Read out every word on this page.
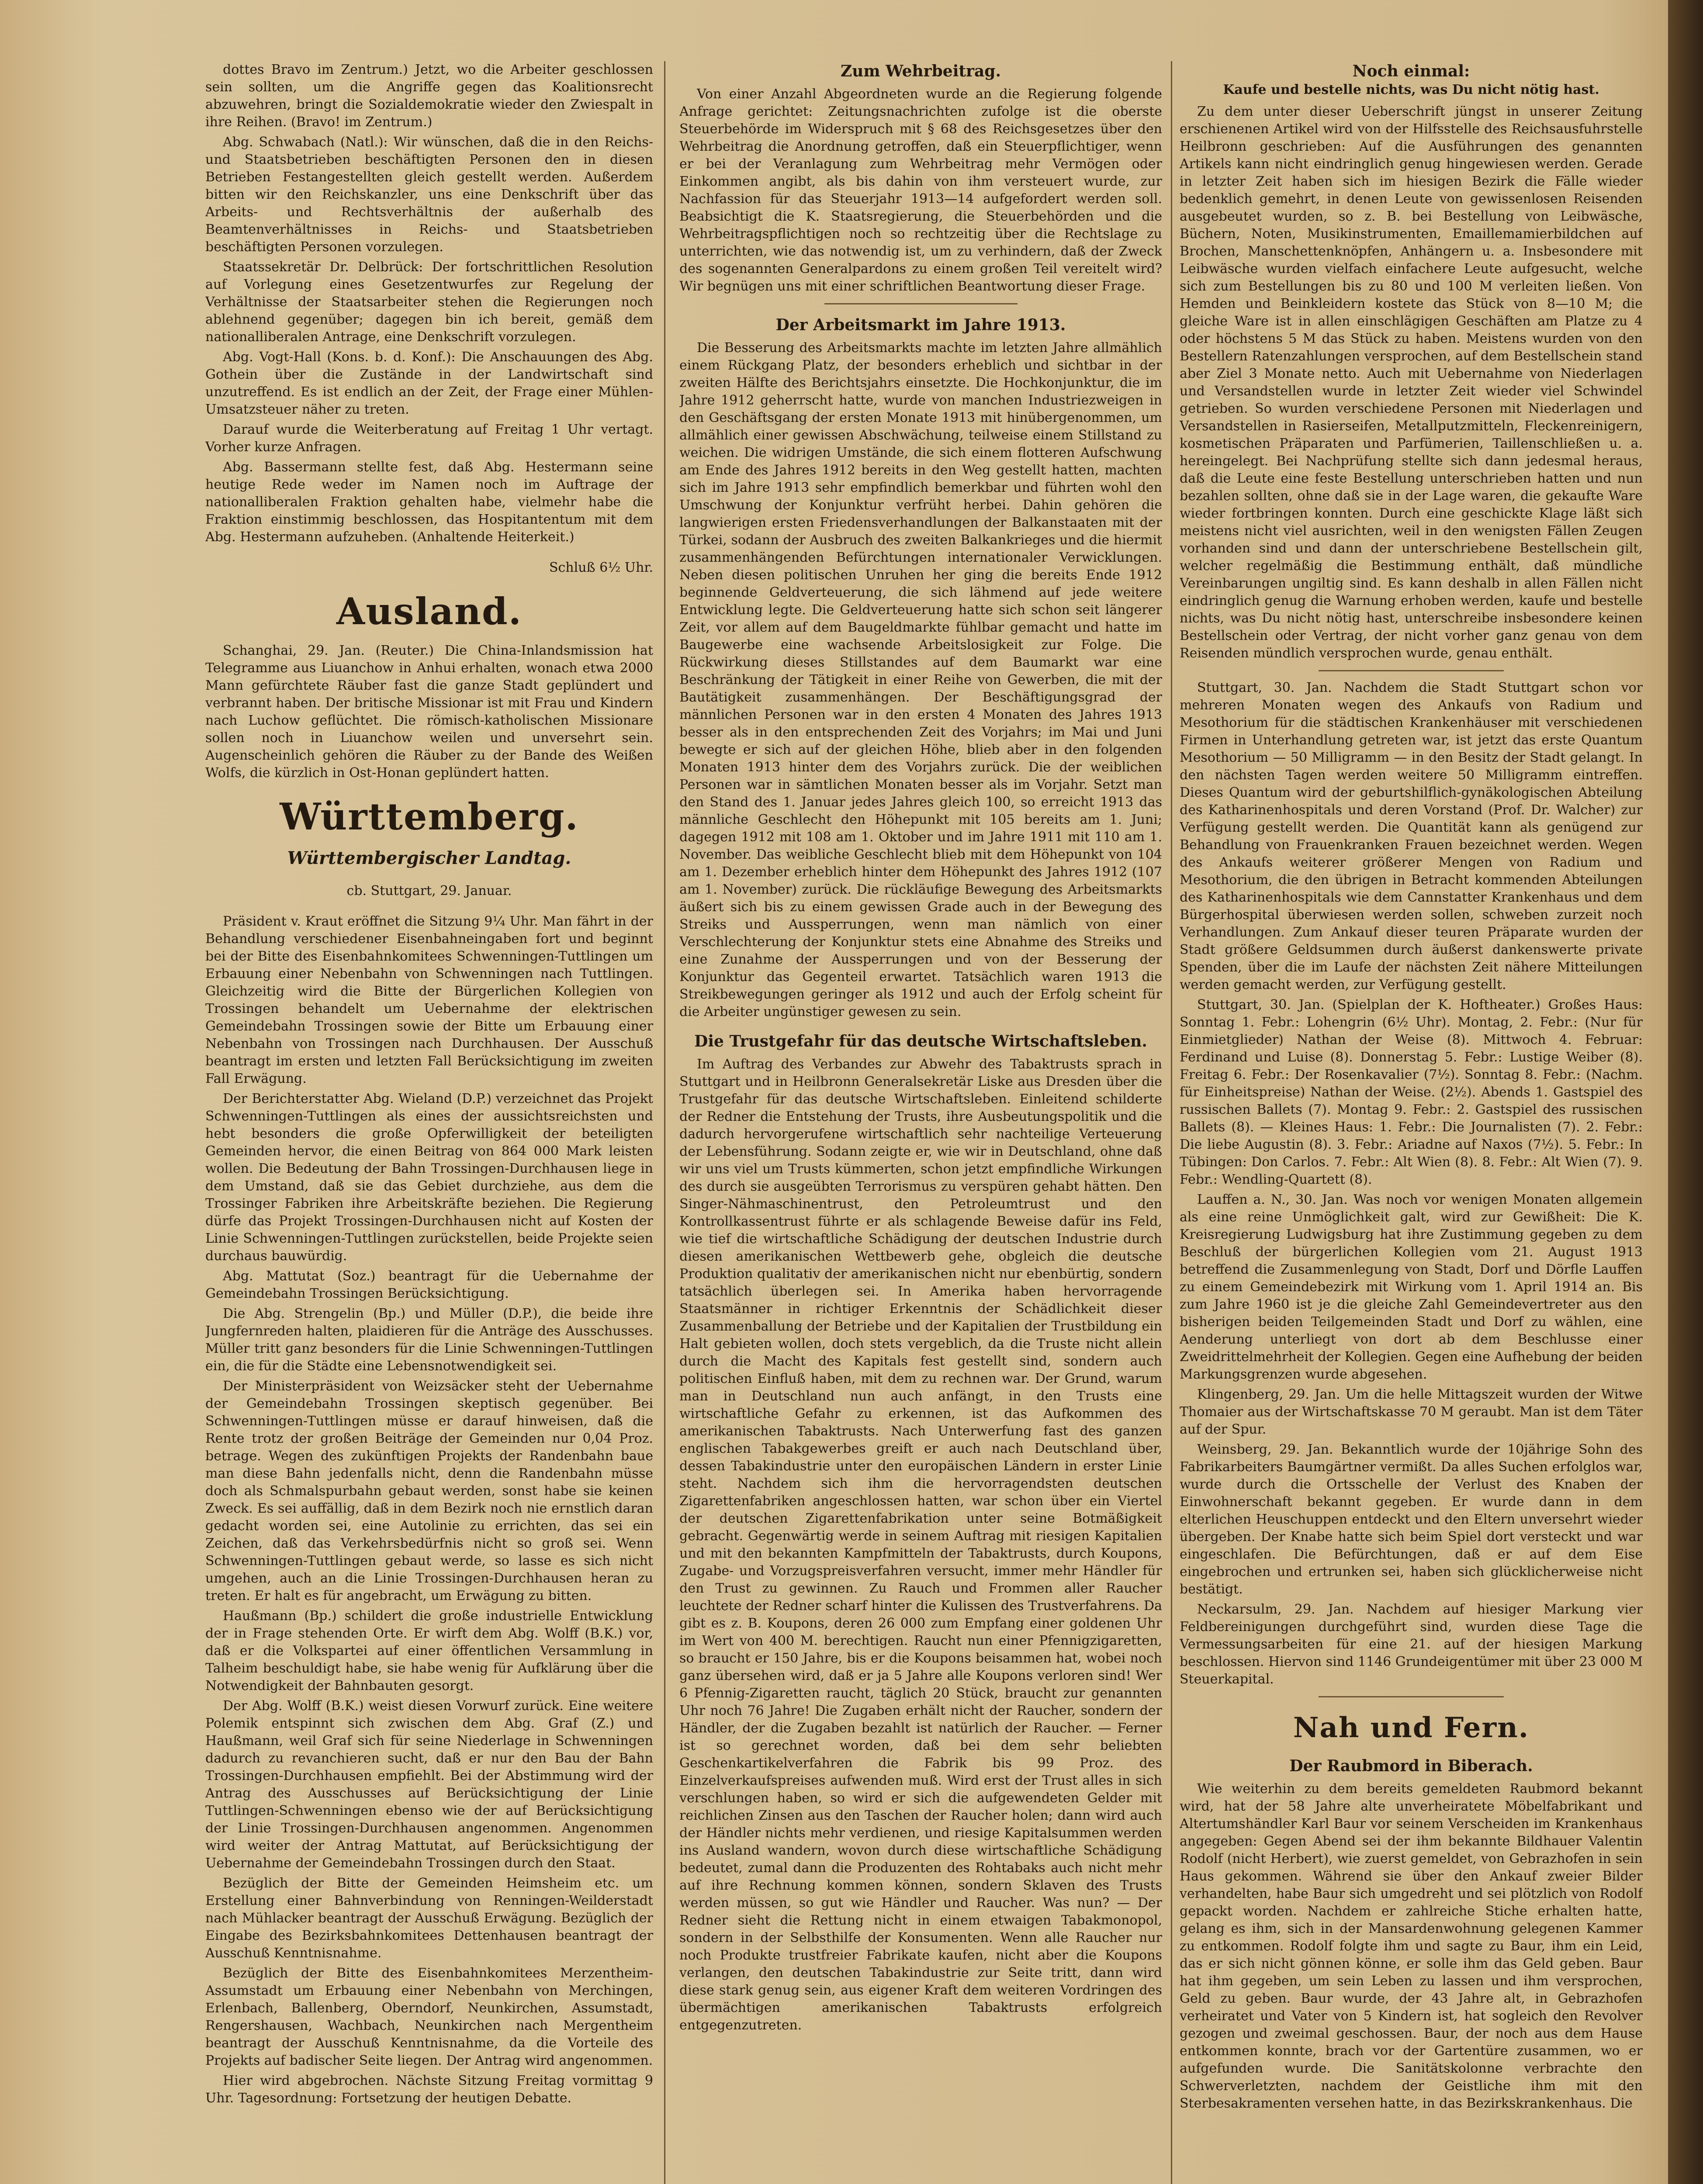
dottes Bravo im Zentrum.) Jetzt, wo die Arbeiter geschlossen sein sollten, um die Angriffe gegen das Koalitionsrecht abzuwehren, bringt die Sozialdemokratie wieder den Zwiespalt in ihre Reihen. (Bravo! im Zentrum.)

Abg. Schwabach (Natl.): Wir wünschen, daß die in den Reichs- und Staatsbetrieben beschäftigten Personen den in diesen Betrieben Festangestellten gleich gestellt werden. Außerdem bitten wir den Reichskanzler, uns eine Denkschrift über das Arbeits- und Rechtsverhältnis der außerhalb des Beamtenverhältnisses in Reichs- und Staatsbetrieben beschäftigten Personen vorzulegen.

Staatssekretär Dr. Delbrück: Der fortschrittlichen Resolution auf Vorlegung eines Gesetzentwurfes zur Regelung der Verhältnisse der Staatsarbeiter stehen die Regierungen noch ablehnend gegenüber; dagegen bin ich bereit, gemäß dem nationalliberalen Antrage, eine Denkschrift vorzulegen.

Abg. Vogt-Hall (Kons. b. d. Konf.): Die Anschauungen des Abg. Gothein über die Zustände in der Landwirtschaft sind unzutreffend. Es ist endlich an der Zeit, der Frage einer Mühlen-Umsatzsteuer näher zu treten.

Darauf wurde die Weiterberatung auf Freitag 1 Uhr vertagt. Vorher kurze Anfragen.

Abg. Bassermann stellte fest, daß Abg. Hestermann seine heutige Rede weder im Namen noch im Auftrage der nationalliberalen Fraktion gehalten habe, vielmehr habe die Fraktion einstimmig beschlossen, das Hospitantentum mit dem Abg. Hestermann aufzuheben. (Anhaltende Heiterkeit.)

Schluß 6½ Uhr.

Ausland.

Schanghai, 29. Jan. (Reuter.) Die China-Inlandsmission hat Telegramme aus Liuanchow in Anhui erhalten, wonach etwa 2000 Mann gefürchtete Räuber fast die ganze Stadt geplündert und verbrannt haben. Der britische Missionar ist mit Frau und Kindern nach Luchow geflüchtet. Die römisch-katholischen Missionare sollen noch in Liuanchow weilen und unversehrt sein. Augenscheinlich gehören die Räuber zu der Bande des Weißen Wolfs, die kürzlich in Ost-Honan geplündert hatten.

Württemberg.
Württembergischer Landtag.

cb. Stuttgart, 29. Januar.

Präsident v. Kraut eröffnet die Sitzung 9¼ Uhr. Man fährt in der Behandlung verschiedener Eisenbahneingaben fort und beginnt bei der Bitte des Eisenbahnkomitees Schwenningen-Tuttlingen um Erbauung einer Nebenbahn von Schwenningen nach Tuttlingen. Gleichzeitig wird die Bitte der Bürgerlichen Kollegien von Trossingen behandelt um Uebernahme der elektrischen Gemeindebahn Trossingen sowie der Bitte um Erbauung einer Nebenbahn von Trossingen nach Durchhausen. Der Ausschuß beantragt im ersten und letzten Fall Berücksichtigung im zweiten Fall Erwägung.

Der Berichterstatter Abg. Wieland (D.P.) verzeichnet das Projekt Schwenningen-Tuttlingen als eines der aussichtsreichsten und hebt besonders die große Opferwilligkeit der beteiligten Gemeinden hervor, die einen Beitrag von 864 000 Mark leisten wollen. Die Bedeutung der Bahn Trossingen-Durchhausen liege in dem Umstand, daß sie das Gebiet durchziehe, aus dem die Trossinger Fabriken ihre Arbeitskräfte beziehen. Die Regierung dürfe das Projekt Trossingen-Durchhausen nicht auf Kosten der Linie Schwenningen-Tuttlingen zurückstellen, beide Projekte seien durchaus bauwürdig.

Abg. Mattutat (Soz.) beantragt für die Uebernahme der Gemeindebahn Trossingen Berücksichtigung.

Die Abg. Strengelin (Bp.) und Müller (D.P.), die beide ihre Jungfernreden halten, plaidieren für die Anträge des Ausschusses. Müller tritt ganz besonders für die Linie Schwenningen-Tuttlingen ein, die für die Städte eine Lebensnotwendigkeit sei.

Der Ministerpräsident von Weizsäcker steht der Uebernahme der Gemeindebahn Trossingen skeptisch gegenüber. Bei Schwenningen-Tuttlingen müsse er darauf hinweisen, daß die Rente trotz der großen Beiträge der Gemeinden nur 0,04 Proz. betrage. Wegen des zukünftigen Projekts der Randenbahn baue man diese Bahn jedenfalls nicht, denn die Randenbahn müsse doch als Schmalspurbahn gebaut werden, sonst habe sie keinen Zweck. Es sei auffällig, daß in dem Bezirk noch nie ernstlich daran gedacht worden sei, eine Autolinie zu errichten, das sei ein Zeichen, daß das Verkehrsbedürfnis nicht so groß sei. Wenn Schwenningen-Tuttlingen gebaut werde, so lasse es sich nicht umgehen, auch an die Linie Trossingen-Durchhausen heran zu treten. Er halt es für angebracht, um Erwägung zu bitten.

Haußmann (Bp.) schildert die große industrielle Entwicklung der in Frage stehenden Orte. Er wirft dem Abg. Wolff (B.K.) vor, daß er die Volkspartei auf einer öffentlichen Versammlung in Talheim beschuldigt habe, sie habe wenig für Aufklärung über die Notwendigkeit der Bahnbauten gesorgt.

Der Abg. Wolff (B.K.) weist diesen Vorwurf zurück. Eine weitere Polemik entspinnt sich zwischen dem Abg. Graf (Z.) und Haußmann, weil Graf sich für seine Niederlage in Schwenningen dadurch zu revanchieren sucht, daß er nur den Bau der Bahn Trossingen-Durchhausen empfiehlt. Bei der Abstimmung wird der Antrag des Ausschusses auf Berücksichtigung der Linie Tuttlingen-Schwenningen ebenso wie der auf Berücksichtigung der Linie Trossingen-Durchhausen angenommen. Angenommen wird weiter der Antrag Mattutat, auf Berücksichtigung der Uebernahme der Gemeindebahn Trossingen durch den Staat.

Bezüglich der Bitte der Gemeinden Heimsheim etc. um Erstellung einer Bahnverbindung von Renningen-Weilderstadt nach Mühlacker beantragt der Ausschuß Erwägung. Bezüglich der Eingabe des Bezirksbahnkomitees Dettenhausen beantragt der Ausschuß Kenntnisnahme.

Bezüglich der Bitte des Eisenbahnkomitees Merzentheim-Assumstadt um Erbauung einer Nebenbahn von Merchingen, Erlenbach, Ballenberg, Oberndorf, Neunkirchen, Assumstadt, Rengershausen, Wachbach, Neunkirchen nach Mergentheim beantragt der Ausschuß Kenntnisnahme, da die Vorteile des Projekts auf badischer Seite liegen. Der Antrag wird angenommen.

Hier wird abgebrochen. Nächste Sitzung Freitag vormittag 9 Uhr. Tagesordnung: Fortsetzung der heutigen Debatte.

Zum Wehrbeitrag.

Von einer Anzahl Abgeordneten wurde an die Regierung folgende Anfrage gerichtet: Zeitungsnachrichten zufolge ist die oberste Steuerbehörde im Widerspruch mit § 68 des Reichsgesetzes über den Wehrbeitrag die Anordnung getroffen, daß ein Steuerpflichtiger, wenn er bei der Veranlagung zum Wehrbeitrag mehr Vermögen oder Einkommen angibt, als bis dahin von ihm versteuert wurde, zur Nachfassion für das Steuerjahr 1913—14 aufgefordert werden soll. Beabsichtigt die K. Staatsregierung, die Steuerbehörden und die Wehrbeitragspflichtigen noch so rechtzeitig über die Rechtslage zu unterrichten, wie das notwendig ist, um zu verhindern, daß der Zweck des sogenannten Generalpardons zu einem großen Teil vereitelt wird? Wir begnügen uns mit einer schriftlichen Beantwortung dieser Frage.

Der Arbeitsmarkt im Jahre 1913.

Die Besserung des Arbeitsmarkts machte im letzten Jahre allmählich einem Rückgang Platz, der besonders erheblich und sichtbar in der zweiten Hälfte des Berichtsjahrs einsetzte. Die Hochkonjunktur, die im Jahre 1912 geherrscht hatte, wurde von manchen Industriezweigen in den Geschäftsgang der ersten Monate 1913 mit hinübergenommen, um allmählich einer gewissen Abschwächung, teilweise einem Stillstand zu weichen. Die widrigen Umstände, die sich einem flotteren Aufschwung am Ende des Jahres 1912 bereits in den Weg gestellt hatten, machten sich im Jahre 1913 sehr empfindlich bemerkbar und führten wohl den Umschwung der Konjunktur verfrüht herbei. Dahin gehören die langwierigen ersten Friedensverhandlungen der Balkanstaaten mit der Türkei, sodann der Ausbruch des zweiten Balkankrieges und die hiermit zusammenhängenden Befürchtungen internationaler Verwicklungen. Neben diesen politischen Unruhen her ging die bereits Ende 1912 beginnende Geldverteuerung, die sich lähmend auf jede weitere Entwicklung legte. Die Geldverteuerung hatte sich schon seit längerer Zeit, vor allem auf dem Baugeldmarkte fühlbar gemacht und hatte im Baugewerbe eine wachsende Arbeitslosigkeit zur Folge. Die Rückwirkung dieses Stillstandes auf dem Baumarkt war eine Beschränkung der Tätigkeit in einer Reihe von Gewerben, die mit der Bautätigkeit zusammenhängen. Der Beschäftigungsgrad der männlichen Personen war in den ersten 4 Monaten des Jahres 1913 besser als in den entsprechenden Zeit des Vorjahrs; im Mai und Juni bewegte er sich auf der gleichen Höhe, blieb aber in den folgenden Monaten 1913 hinter dem des Vorjahrs zurück. Die der weiblichen Personen war in sämtlichen Monaten besser als im Vorjahr. Setzt man den Stand des 1. Januar jedes Jahres gleich 100, so erreicht 1913 das männliche Geschlecht den Höhepunkt mit 105 bereits am 1. Juni; dagegen 1912 mit 108 am 1. Oktober und im Jahre 1911 mit 110 am 1. November. Das weibliche Geschlecht blieb mit dem Höhepunkt von 104 am 1. Dezember erheblich hinter dem Höhepunkt des Jahres 1912 (107 am 1. November) zurück. Die rückläufige Bewegung des Arbeitsmarkts äußert sich bis zu einem gewissen Grade auch in der Bewegung des Streiks und Aussperrungen, wenn man nämlich von einer Verschlechterung der Konjunktur stets eine Abnahme des Streiks und eine Zunahme der Aussperrungen und von der Besserung der Konjunktur das Gegenteil erwartet. Tatsächlich waren 1913 die Streikbewegungen geringer als 1912 und auch der Erfolg scheint für die Arbeiter ungünstiger gewesen zu sein.

Die Trustgefahr für das deutsche Wirtschaftsleben.

Im Auftrag des Verbandes zur Abwehr des Tabaktrusts sprach in Stuttgart und in Heilbronn Generalsekretär Liske aus Dresden über die Trustgefahr für das deutsche Wirtschaftsleben. Einleitend schilderte der Redner die Entstehung der Trusts, ihre Ausbeutungspolitik und die dadurch hervorgerufene wirtschaftlich sehr nachteilige Verteuerung der Lebensführung. Sodann zeigte er, wie wir in Deutschland, ohne daß wir uns viel um Trusts kümmerten, schon jetzt empfindliche Wirkungen des durch sie ausgeübten Terrorismus zu verspüren gehabt hätten. Den Singer-Nähmaschinentrust, den Petroleumtrust und den Kontrollkassentrust führte er als schlagende Beweise dafür ins Feld, wie tief die wirtschaftliche Schädigung der deutschen Industrie durch diesen amerikanischen Wettbewerb gehe, obgleich die deutsche Produktion qualitativ der amerikanischen nicht nur ebenbürtig, sondern tatsächlich überlegen sei. In Amerika haben hervorragende Staatsmänner in richtiger Erkenntnis der Schädlichkeit dieser Zusammenballung der Betriebe und der Kapitalien der Trustbildung ein Halt gebieten wollen, doch stets vergeblich, da die Truste nicht allein durch die Macht des Kapitals fest gestellt sind, sondern auch politischen Einfluß haben, mit dem zu rechnen war. Der Grund, warum man in Deutschland nun auch anfängt, in den Trusts eine wirtschaftliche Gefahr zu erkennen, ist das Aufkommen des amerikanischen Tabaktrusts. Nach Unterwerfung fast des ganzen englischen Tabakgewerbes greift er auch nach Deutschland über, dessen Tabakindustrie unter den europäischen Ländern in erster Linie steht. Nachdem sich ihm die hervorragendsten deutschen Zigarettenfabriken angeschlossen hatten, war schon über ein Viertel der deutschen Zigarettenfabrikation unter seine Botmäßigkeit gebracht. Gegenwärtig werde in seinem Auftrag mit riesigen Kapitalien und mit den bekannten Kampfmitteln der Tabaktrusts, durch Koupons, Zugabe- und Vorzugspreisverfahren versucht, immer mehr Händler für den Trust zu gewinnen. Zu Rauch und Frommen aller Raucher leuchtete der Redner scharf hinter die Kulissen des Trustverfahrens. Da gibt es z. B. Koupons, deren 26 000 zum Empfang einer goldenen Uhr im Wert von 400 M. berechtigen. Raucht nun einer Pfennigzigaretten, so braucht er 150 Jahre, bis er die Koupons beisammen hat, wobei noch ganz übersehen wird, daß er ja 5 Jahre alle Koupons verloren sind! Wer 6 Pfennig-Zigaretten raucht, täglich 20 Stück, braucht zur genannten Uhr noch 76 Jahre! Die Zugaben erhält nicht der Raucher, sondern der Händler, der die Zugaben bezahlt ist natürlich der Raucher. — Ferner ist so gerechnet worden, daß bei dem sehr beliebten Geschenkartikelverfahren die Fabrik bis 99 Proz. des Einzelverkaufspreises aufwenden muß. Wird erst der Trust alles in sich verschlungen haben, so wird er sich die aufgewendeten Gelder mit reichlichen Zinsen aus den Taschen der Raucher holen; dann wird auch der Händler nichts mehr verdienen, und riesige Kapitalsummen werden ins Ausland wandern, wovon durch diese wirtschaftliche Schädigung bedeutet, zumal dann die Produzenten des Rohtabaks auch nicht mehr auf ihre Rechnung kommen können, sondern Sklaven des Trusts werden müssen, so gut wie Händler und Raucher. Was nun? — Der Redner sieht die Rettung nicht in einem etwaigen Tabakmonopol, sondern in der Selbsthilfe der Konsumenten. Wenn alle Raucher nur noch Produkte trustfreier Fabrikate kaufen, nicht aber die Koupons verlangen, den deutschen Tabakindustrie zur Seite tritt, dann wird diese stark genug sein, aus eigener Kraft dem weiteren Vordringen des übermächtigen amerikanischen Tabaktrusts erfolgreich entgegenzutreten.

Noch einmal:
Kaufe und bestelle nichts, was Du nicht nötig hast.

Zu dem unter dieser Ueberschrift jüngst in unserer Zeitung erschienenen Artikel wird von der Hilfsstelle des Reichsausfuhrstelle Heilbronn geschrieben: Auf die Ausführungen des genannten Artikels kann nicht eindringlich genug hingewiesen werden. Gerade in letzter Zeit haben sich im hiesigen Bezirk die Fälle wieder bedenklich gemehrt, in denen Leute von gewissenlosen Reisenden ausgebeutet wurden, so z. B. bei Bestellung von Leibwäsche, Büchern, Noten, Musikinstrumenten, Emaillemamierbildchen auf Brochen, Manschettenknöpfen, Anhängern u. a. Insbesondere mit Leibwäsche wurden vielfach einfachere Leute aufgesucht, welche sich zum Bestellungen bis zu 80 und 100 M verleiten ließen. Von Hemden und Beinkleidern kostete das Stück von 8—10 M; die gleiche Ware ist in allen einschlägigen Geschäften am Platze zu 4 oder höchstens 5 M das Stück zu haben. Meistens wurden von den Bestellern Ratenzahlungen versprochen, auf dem Bestellschein stand aber Ziel 3 Monate netto. Auch mit Uebernahme von Niederlagen und Versandstellen wurde in letzter Zeit wieder viel Schwindel getrieben. So wurden verschiedene Personen mit Niederlagen und Versandstellen in Rasierseifen, Metallputzmitteln, Fleckenreinigern, kosmetischen Präparaten und Parfümerien, Taillenschließen u. a. hereingelegt. Bei Nachprüfung stellte sich dann jedesmal heraus, daß die Leute eine feste Bestellung unterschrieben hatten und nun bezahlen sollten, ohne daß sie in der Lage waren, die gekaufte Ware wieder fortbringen konnten. Durch eine geschickte Klage läßt sich meistens nicht viel ausrichten, weil in den wenigsten Fällen Zeugen vorhanden sind und dann der unterschriebene Bestellschein gilt, welcher regelmäßig die Bestimmung enthält, daß mündliche Vereinbarungen ungiltig sind. Es kann deshalb in allen Fällen nicht eindringlich genug die Warnung erhoben werden, kaufe und bestelle nichts, was Du nicht nötig hast, unterschreibe insbesondere keinen Bestellschein oder Vertrag, der nicht vorher ganz genau von dem Reisenden mündlich versprochen wurde, genau enthält.

Stuttgart, 30. Jan. Nachdem die Stadt Stuttgart schon vor mehreren Monaten wegen des Ankaufs von Radium und Mesothorium für die städtischen Krankenhäuser mit verschiedenen Firmen in Unterhandlung getreten war, ist jetzt das erste Quantum Mesothorium — 50 Milligramm — in den Besitz der Stadt gelangt. In den nächsten Tagen werden weitere 50 Milligramm eintreffen. Dieses Quantum wird der geburtshilflich-gynäkologischen Abteilung des Katharinenhospitals und deren Vorstand (Prof. Dr. Walcher) zur Verfügung gestellt werden. Die Quantität kann als genügend zur Behandlung von Frauenkranken Frauen bezeichnet werden. Wegen des Ankaufs weiterer größerer Mengen von Radium und Mesothorium, die den übrigen in Betracht kommenden Abteilungen des Katharinenhospitals wie dem Cannstatter Krankenhaus und dem Bürgerhospital überwiesen werden sollen, schweben zurzeit noch Verhandlungen. Zum Ankauf dieser teuren Präparate wurden der Stadt größere Geldsummen durch äußerst dankenswerte private Spenden, über die im Laufe der nächsten Zeit nähere Mitteilungen werden gemacht werden, zur Verfügung gestellt.

Stuttgart, 30. Jan. (Spielplan der K. Hoftheater.) Großes Haus: Sonntag 1. Febr.: Lohengrin (6½ Uhr). Montag, 2. Febr.: (Nur für Einmietglieder) Nathan der Weise (8). Mittwoch 4. Februar: Ferdinand und Luise (8). Donnerstag 5. Febr.: Lustige Weiber (8). Freitag 6. Febr.: Der Rosenkavalier (7½). Sonntag 8. Febr.: (Nachm. für Einheitspreise) Nathan der Weise. (2½). Abends 1. Gastspiel des russischen Ballets (7). Montag 9. Febr.: 2. Gastspiel des russischen Ballets (8). — Kleines Haus: 1. Febr.: Die Journalisten (7). 2. Febr.: Die liebe Augustin (8). 3. Febr.: Ariadne auf Naxos (7½). 5. Febr.: In Tübingen: Don Carlos. 7. Febr.: Alt Wien (8). 8. Febr.: Alt Wien (7). 9. Febr.: Wendling-Quartett (8).

Lauffen a. N., 30. Jan. Was noch vor wenigen Monaten allgemein als eine reine Unmöglichkeit galt, wird zur Gewißheit: Die K. Kreisregierung Ludwigsburg hat ihre Zustimmung gegeben zu dem Beschluß der bürgerlichen Kollegien vom 21. August 1913 betreffend die Zusammenlegung von Stadt, Dorf und Dörfle Lauffen zu einem Gemeindebezirk mit Wirkung vom 1. April 1914 an. Bis zum Jahre 1960 ist je die gleiche Zahl Gemeindevertreter aus den bisherigen beiden Teilgemeinden Stadt und Dorf zu wählen, eine Aenderung unterliegt von dort ab dem Beschlusse einer Zweidrittelmehrheit der Kollegien. Gegen eine Aufhebung der beiden Markungsgrenzen wurde abgesehen.

Klingenberg, 29. Jan. Um die helle Mittagszeit wurden der Witwe Thomaier aus der Wirtschaftskasse 70 M geraubt. Man ist dem Täter auf der Spur.

Weinsberg, 29. Jan. Bekanntlich wurde der 10jährige Sohn des Fabrikarbeiters Baumgärtner vermißt. Da alles Suchen erfolglos war, wurde durch die Ortsschelle der Verlust des Knaben der Einwohnerschaft bekannt gegeben. Er wurde dann in dem elterlichen Heuschuppen entdeckt und den Eltern unversehrt wieder übergeben. Der Knabe hatte sich beim Spiel dort versteckt und war eingeschlafen. Die Befürchtungen, daß er auf dem Eise eingebrochen und ertrunken sei, haben sich glücklicherweise nicht bestätigt.

Neckarsulm, 29. Jan. Nachdem auf hiesiger Markung vier Feldbereinigungen durchgeführt sind, wurden diese Tage die Vermessungsarbeiten für eine 21. auf der hiesigen Markung beschlossen. Hiervon sind 1146 Grundeigentümer mit über 23 000 M Steuerkapital.

Nah und Fern.
Der Raubmord in Biberach.

Wie weiterhin zu dem bereits gemeldeten Raubmord bekannt wird, hat der 58 Jahre alte unverheiratete Möbelfabrikant und Altertumshändler Karl Baur vor seinem Verscheiden im Krankenhaus angegeben: Gegen Abend sei der ihm bekannte Bildhauer Valentin Rodolf (nicht Herbert), wie zuerst gemeldet, von Gebrazhofen in sein Haus gekommen. Während sie über den Ankauf zweier Bilder verhandelten, habe Baur sich umgedreht und sei plötzlich von Rodolf gepackt worden. Nachdem er zahlreiche Stiche erhalten hatte, gelang es ihm, sich in der Mansardenwohnung gelegenen Kammer zu entkommen. Rodolf folgte ihm und sagte zu Baur, ihm ein Leid, das er sich nicht gönnen könne, er solle ihm das Geld geben. Baur hat ihm gegeben, um sein Leben zu lassen und ihm versprochen, Geld zu geben. Baur wurde, der 43 Jahre alt, in Gebrazhofen verheiratet und Vater von 5 Kindern ist, hat sogleich den Revolver gezogen und zweimal geschossen. Baur, der noch aus dem Hause entkommen konnte, brach vor der Gartentüre zusammen, wo er aufgefunden wurde. Die Sanitätskolonne verbrachte den Schwerverletzten, nachdem der Geistliche ihm mit den Sterbesakramenten versehen hatte, in das Bezirkskrankenhaus. Die
